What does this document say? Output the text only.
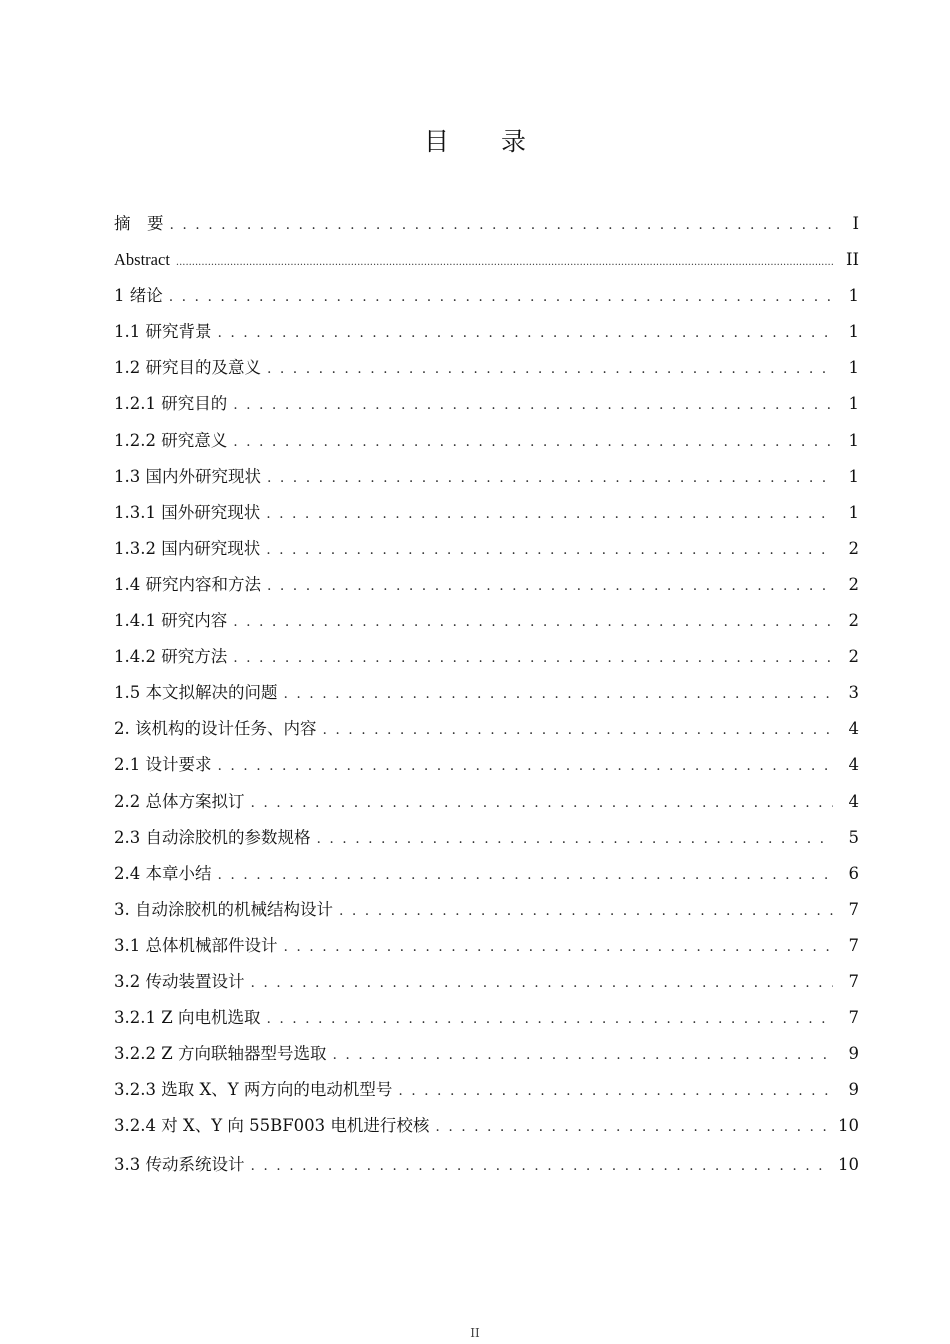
目 录
摘　要 . . .	I
Abstract .....	II
1 绪论 . . .	1
1.1 研究背景 . . .	1
1.2 研究目的及意义 . . .	1
1.2.1 研究目的 . . .	1
1.2.2 研究意义 . . .	1
1.3 国内外研究现状 . . .	1
1.3.1 国外研究现状 . . .	1
1.3.2 国内研究现状 . . .	2
1.4 研究内容和方法 . . .	2
1.4.1 研究内容 . . .	2
1.4.2 研究方法 . . .	2
1.5 本文拟解决的问题 . . .	3
2. 该机构的设计任务、内容 . . .	4
2.1 设计要求 . . .	4
2.2 总体方案拟订 . . .	4
2.3 自动涂胶机的参数规格 . . .	5
2.4 本章小结 . . .	6
3. 自动涂胶机的机械结构设计 . . .	7
3.1 总体机械部件设计 . . .	7
3.2 传动装置设计 . . .	7
3.2.1 Z 向电机选取 . . .	7
3.2.2 Z 方向联轴器型号选取 . . .	9
3.2.3 选取 X、Y 两方向的电动机型号 . . .	9
3.2.4 对 X、Y 向 55BF003 电机进行校核 . . .	10
3.3 传动系统设计 . . .	10
II
